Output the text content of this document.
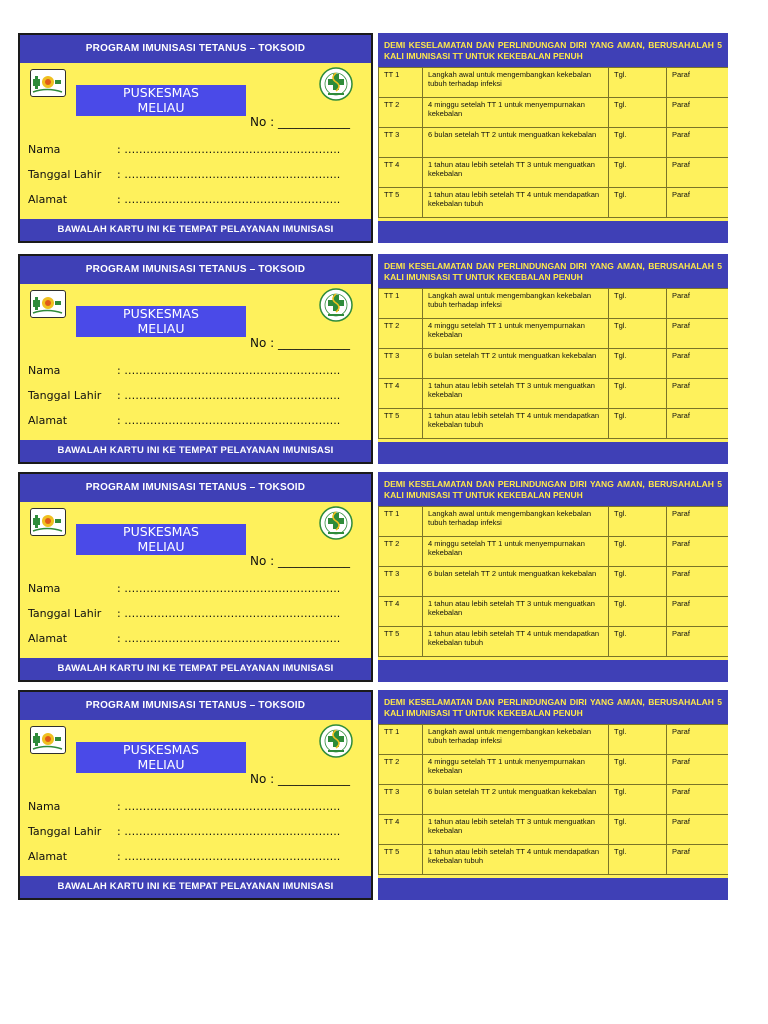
PROGRAM IMUNISASI TETANUS – TOKSOID
PUSKESMAS
MELIAU
No : ____________
Nama	: …………………………………………………..
Tanggal Lahir : …………………………………………………..
Alamat	: …………………………………………………..
BAWALAH KARTU INI KE TEMPAT PELAYANAN IMUNISASI
DEMI KESELAMATAN DAN PERLINDUNGAN DIRI YANG AMAN, BERUSAHALAH 5 KALI IMUNISASI TT UNTUK KEKEBALAN PENUH
TT 1	Langkah awal untuk mengembangkan kekebalan tubuh terhadap infeksi	Tgl.	Paraf
TT 2	4 minggu setelah TT 1 untuk menyempurnakan kekebalan	Tgl.	Paraf
TT 3	6 bulan setelah TT 2 untuk menguatkan kekebalan	Tgl.	Paraf
TT 4	1 tahun atau lebih setelah TT 3 untuk menguatkan kekebalan	Tgl.	Paraf
TT 5	1 tahun atau lebih setelah TT 4 untuk mendapatkan kekebalan tubuh	Tgl.	Paraf
PROGRAM IMUNISASI TETANUS – TOKSOID
PUSKESMAS
MELIAU
No : ____________
Nama	: …………………………………………………..
Tanggal Lahir : …………………………………………………..
Alamat	: …………………………………………………..
BAWALAH KARTU INI KE TEMPAT PELAYANAN IMUNISASI
DEMI KESELAMATAN DAN PERLINDUNGAN DIRI YANG AMAN, BERUSAHALAH 5 KALI IMUNISASI TT UNTUK KEKEBALAN PENUH
TT 1	Langkah awal untuk mengembangkan kekebalan tubuh terhadap infeksi	Tgl.	Paraf
TT 2	4 minggu setelah TT 1 untuk menyempurnakan kekebalan	Tgl.	Paraf
TT 3	6 bulan setelah TT 2 untuk menguatkan kekebalan	Tgl.	Paraf
TT 4	1 tahun atau lebih setelah TT 3 untuk menguatkan kekebalan	Tgl.	Paraf
TT 5	1 tahun atau lebih setelah TT 4 untuk mendapatkan kekebalan tubuh	Tgl.	Paraf
PROGRAM IMUNISASI TETANUS – TOKSOID
PUSKESMAS
MELIAU
No : ____________
Nama	: …………………………………………………..
Tanggal Lahir : …………………………………………………..
Alamat	: …………………………………………………..
BAWALAH KARTU INI KE TEMPAT PELAYANAN IMUNISASI
DEMI KESELAMATAN DAN PERLINDUNGAN DIRI YANG AMAN, BERUSAHALAH 5 KALI IMUNISASI TT UNTUK KEKEBALAN PENUH
TT 1	Langkah awal untuk mengembangkan kekebalan tubuh terhadap infeksi	Tgl.	Paraf
TT 2	4 minggu setelah TT 1 untuk menyempurnakan kekebalan	Tgl.	Paraf
TT 3	6 bulan setelah TT 2 untuk menguatkan kekebalan	Tgl.	Paraf
TT 4	1 tahun atau lebih setelah TT 3 untuk menguatkan kekebalan	Tgl.	Paraf
TT 5	1 tahun atau lebih setelah TT 4 untuk mendapatkan kekebalan tubuh	Tgl.	Paraf
PROGRAM IMUNISASI TETANUS – TOKSOID
PUSKESMAS
MELIAU
No : ____________
Nama	: …………………………………………………..
Tanggal Lahir : …………………………………………………..
Alamat	: …………………………………………………..
BAWALAH KARTU INI KE TEMPAT PELAYANAN IMUNISASI
DEMI KESELAMATAN DAN PERLINDUNGAN DIRI YANG AMAN, BERUSAHALAH 5 KALI IMUNISASI TT UNTUK KEKEBALAN PENUH
TT 1	Langkah awal untuk mengembangkan kekebalan tubuh terhadap infeksi	Tgl.	Paraf
TT 2	4 minggu setelah TT 1 untuk menyempurnakan kekebalan	Tgl.	Paraf
TT 3	6 bulan setelah TT 2 untuk menguatkan kekebalan	Tgl.	Paraf
TT 4	1 tahun atau lebih setelah TT 3 untuk menguatkan kekebalan	Tgl.	Paraf
TT 5	1 tahun atau lebih setelah TT 4 untuk mendapatkan kekebalan tubuh	Tgl.	Paraf
